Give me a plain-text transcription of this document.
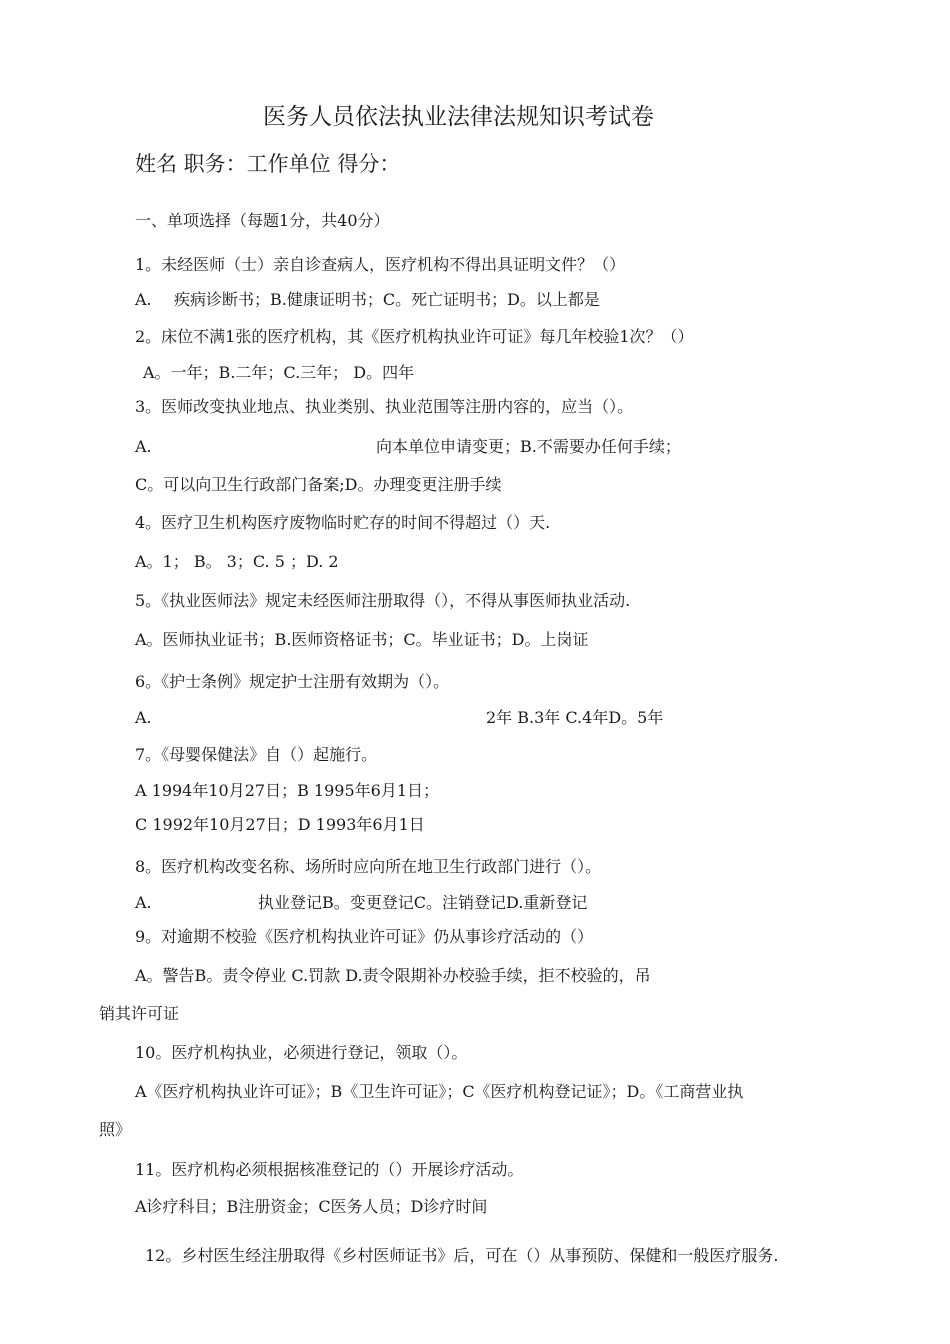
医务人员依法执业法律法规知识考试卷
姓名 职务：工作单位 得分：
一、单项选择（每题1分，共40分）
1。未经医师（士）亲自诊查病人，医疗机构不得出具证明文件？（）
A. 疾病诊断书；B.健康证明书；C。死亡证明书；D。以上都是
2。床位不满1张的医疗机构，其《医疗机构执业许可证》每几年校验1次？（）
A。一年；B.二年；C.三年； D。四年
3。医师改变执业地点、执业类别、执业范围等注册内容的，应当（）。
A.	向本单位申请变更；B.不需要办任何手续；
C。可以向卫生行政部门备案;D。办理变更注册手续
4。医疗卫生机构医疗废物临时贮存的时间不得超过（）天.
A。1； B。 3；C. 5 ；D. 2
5。《执业医师法》规定未经医师注册取得（），不得从事医师执业活动.
A。医师执业证书；B.医师资格证书；C。毕业证书；D。上岗证
6。《护士条例》规定护士注册有效期为（）。
A.	2年 B.3年 C.4年D。5年
7。《母婴保健法》自（）起施行。
A 1994年10月27日；B 1995年6月1日；
C 1992年10月27日；D 1993年6月1日
8。医疗机构改变名称、场所时应向所在地卫生行政部门进行（）。
A.	执业登记B。变更登记C。注销登记D.重新登记
9。对逾期不校验《医疗机构执业许可证》仍从事诊疗活动的（）
A。警告B。责令停业 C.罚款 D.责令限期补办校验手续，拒不校验的，吊
销其许可证
10。医疗机构执业，必须进行登记，领取（）。
A《医疗机构执业许可证》；B《卫生许可证》；C《医疗机构登记证》；D。《工商营业执
照》
11。医疗机构必须根据核准登记的（）开展诊疗活动。
A诊疗科目；B注册资金；C医务人员；D诊疗时间
12。乡村医生经注册取得《乡村医师证书》后，可在（）从事预防、保健和一般医疗服务.
